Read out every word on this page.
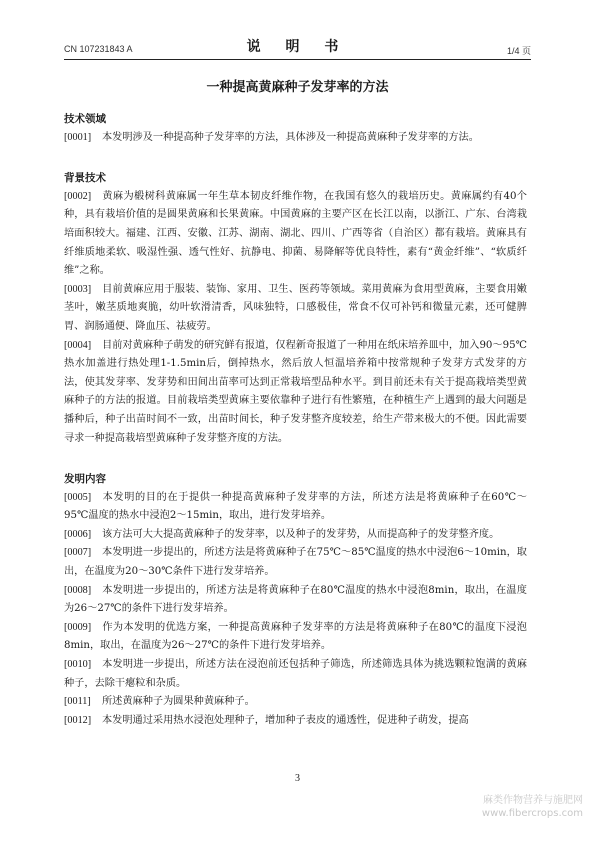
CN 107231843 A	说 明 书	1/4 页
一种提高黄麻种子发芽率的方法
技术领域
[0001] 本发明涉及一种提高种子发芽率的方法，具体涉及一种提高黄麻种子发芽率的方法。
背景技术
[0002] 黄麻为椴树科黄麻属一年生草本韧皮纤维作物，在我国有悠久的栽培历史。黄麻属约有40个种，具有栽培价值的是圆果黄麻和长果黄麻。中国黄麻的主要产区在长江以南，以浙江、广东、台湾栽培面积较大。福建、江西、安徽、江苏、湖南、湖北、四川、广西等省（自治区）都有栽培。黄麻具有纤维质地柔软、吸湿性强、透气性好、抗静电、抑菌、易降解等优良特性，素有“黄金纤维”、“软质纤维”之称。
[0003] 目前黄麻应用于服装、装饰、家用、卫生、医药等领域。菜用黄麻为食用型黄麻，主要食用嫩茎叶，嫩茎质地爽脆，幼叶软滑清香，风味独特，口感极佳，常食不仅可补钙和微量元素，还可健脾胃、润肠通便、降血压、祛疲劳。
[0004] 目前对黄麻种子萌发的研究鲜有报道，仅程新奇报道了一种用在纸床培养皿中，加入90～95℃热水加盖进行热处理1-1.5min后，倒掉热水，然后放人恒温培养箱中按常规种子发芽方式发芽的方法，使其发芽率、发芽势和田间出苗率可达到正常栽培型品种水平。到目前还未有关于提高栽培类型黄麻种子的方法的报道。目前栽培类型黄麻主要依靠种子进行有性繁殖，在种植生产上遇到的最大问题是播种后，种子出苗时间不一致，出苗时间长，种子发芽整齐度较差，给生产带来极大的不便。因此需要寻求一种提高栽培型黄麻种子发芽整齐度的方法。
发明内容
[0005] 本发明的目的在于提供一种提高黄麻种子发芽率的方法，所述方法是将黄麻种子在60℃～95℃温度的热水中浸泡2～15min，取出，进行发芽培养。
[0006] 该方法可大大提高黄麻种子的发芽率，以及种子的发芽势，从而提高种子的发芽整齐度。
[0007] 本发明进一步提出的，所述方法是将黄麻种子在75℃～85℃温度的热水中浸泡6～10min，取出，在温度为20～30℃条件下进行发芽培养。
[0008] 本发明进一步提出的，所述方法是将黄麻种子在80℃温度的热水中浸泡8min，取出，在温度为26～27℃的条件下进行发芽培养。
[0009] 作为本发明的优选方案，一种提高黄麻种子发芽率的方法是将黄麻种子在80℃的温度下浸泡8min，取出，在温度为26～27℃的条件下进行发芽培养。
[0010] 本发明进一步提出，所述方法在浸泡前还包括种子筛选，所述筛选具体为挑选颗粒饱满的黄麻种子，去除干瘪粒和杂质。
[0011] 所述黄麻种子为圆果种黄麻种子。
[0012] 本发明通过采用热水浸泡处理种子，增加种子表皮的通透性，促进种子萌发，提高
3
麻类作物营养与施肥网
www.fibercrops.com
